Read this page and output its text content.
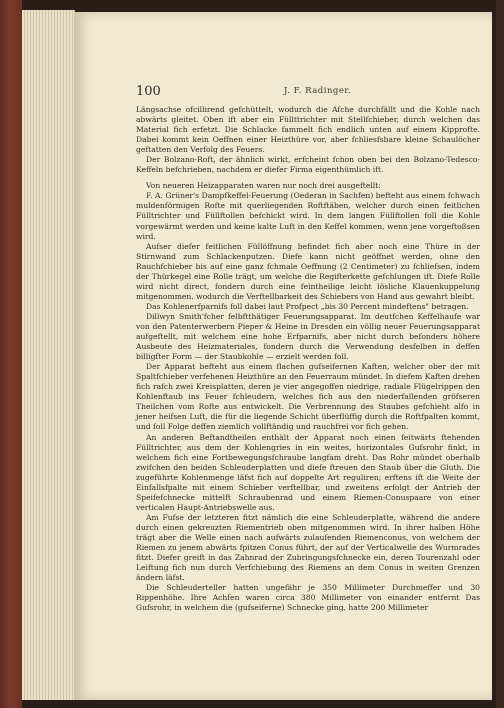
100	J. F. Radinger.

Längsachse ofcillirend gefchüttelt, wodurch die Afche durchfällt und die Kohle nach abwärts gleitet. Oben ift aber ein Füllttrichter mit Stellfchieber, durch welchen das Material fich erfetzt. Die Schlacke fammelt fich endlich unten auf einem Kipprofte. Dabei kommt kein Oeffnen einer Heizthüre vor, aber fchliesfsbare kleine Schaulöcher geftatten den Verfolg des Feuers.

Der Bolzano-Roft, der ähnlich wirkt, erfcheint fchon oben bei den Bolzano-Tedesco-Keffeln befchrieben, nachdem er diefer Firma eigenthümlich ift.

Von neueren Heizapparaten waren nur noch drei ausgeftellt:

F. A. Grüner's Dampfkeffel-Feuerung (Oederan in Sachfen) befteht aus einem fchwach muldenförmigen Rofte mit querliegenden Roftftäben, welcher durch einen feitlichen Fülltrichter und Füllftollen befchickt wird. In dem langen Füllftollen foll die Kohle vorgewärmt werden und keine kalte Luft in den Keffel kommen, wenn jene vorgeftoßsen wird.

Aufser diefer feitlichen Füllöffnung befindet fich aber noch eine Thüre in der Stirnwand zum Schlackenputzen. Diefe kann nicht geöffnet werden, ohne den Rauchfchieber bis auf eine ganz fchmale Oeffnung (2 Centimeter) zu fchliefsen, indem der Thürkegel eine Rolle trägt, um welche die Regifterkette gefchlungen ift. Diefe Rolle wird nicht direct, fondern durch eine feintheilige leicht lösliche Klauenkuppelung mitgenommen, wodurch die Verftellbarkeit des Schiebers von Hand aus gewahrt bleibt.

Das Kohlenerfparnifs foll dabei laut Profpect „bis 30 Percent mindeftens" betragen.

Dillwyn Smith'fcher felbftthätiger Feuerungsapparat. Im deutfchen Keffelhaufe war von den Patenterwerbern Pieper & Heine in Dresden ein völlig neuer Feuerungsapparat aufgeftellt, mit welchem eine hohe Erfparnifs, aber nicht durch befonders höhere Ausbeute des Heizmateriales, fondern durch die Verwendung desfelben in deffen billigfter Form — der Staubkohle — erzielt werden foll.

Der Apparat befteht aus einem flachen gufseifernen Kaften, welcher ober der mit Spaltfchieber verfehenen Heizthüre an den Feuerraum mündet. In diefem Kaften drehen fich rafch zwei Kreisplatten, deren je vier angegoffen niedrige, radiale Flügelrippen den Kohlenftaub ins Feuer fchleudern, welches fich aus den niederfallenden gröfseren Theilchen vom Rofte aus entwickelt. Die Verbrennung des Staubes gefchieht alfo in jener heifsen Luft, die für die liegende Schicht überflüffig durch die Roftfpalten kommt, und foll Folge deffen ziemlich vollftändig und rauchfrei vor fich gehen.

An anderen Beftandtheilen enthält der Apparat noch einen feitwärts ftehenden Fülltrichter, aus dem der Kohlengries in ein weites, horizontales Gufsrohr finkt, in welchem fich eine Fortbewegungsfchraube langfam dreht. Das Rohr mündet oberhalb zwifchen den beiden Schleuderplatten und diefe ftreuen den Staub über die Gluth. Die zugeführte Kohlenmenge läfst fich auf doppelte Art reguliren; erftens ift die Weite der Einfallsfpalte mit einem Schieber verftellbar, und zweitens erfolgt der Antrieb der Speifefchnecke mittelft Schraubenrad und einem Riemen-Conuspaare von einer verticalen Haupt-Antriebswelle aus.

Am Fufse der letzteren fitzt nämlich die eine Schleuderplatte, während die andere durch einen gekreuzten Riementrieb oben mitgenommen wird. In ihrer halben Höhe trägt aber die Welle einen nach aufwärts zulaufenden Riemenconus, von welchem der Riemen zu jenem abwärts fpitzen Conus führt, der auf der Verticalwelle des Wurmrades fitzt. Diefer greift in das Zahnrad der Zubringungsfchnecke ein, deren Tourenzahl oder Leiftung fich nun durch Verfchiebung des Riemens an dem Conus in weiten Grenzen ändern läfst.

Die Schleuderteller hatten ungefähr je 350 Millimeter Durchmeffer und 30 Rippenhöhe. Ihre Achfen waren circa 380 Millimeter von einander entfernt Das Gufsrohr, in welchem die (gufseiferne) Schnecke ging, hatte 200 Millimeter
